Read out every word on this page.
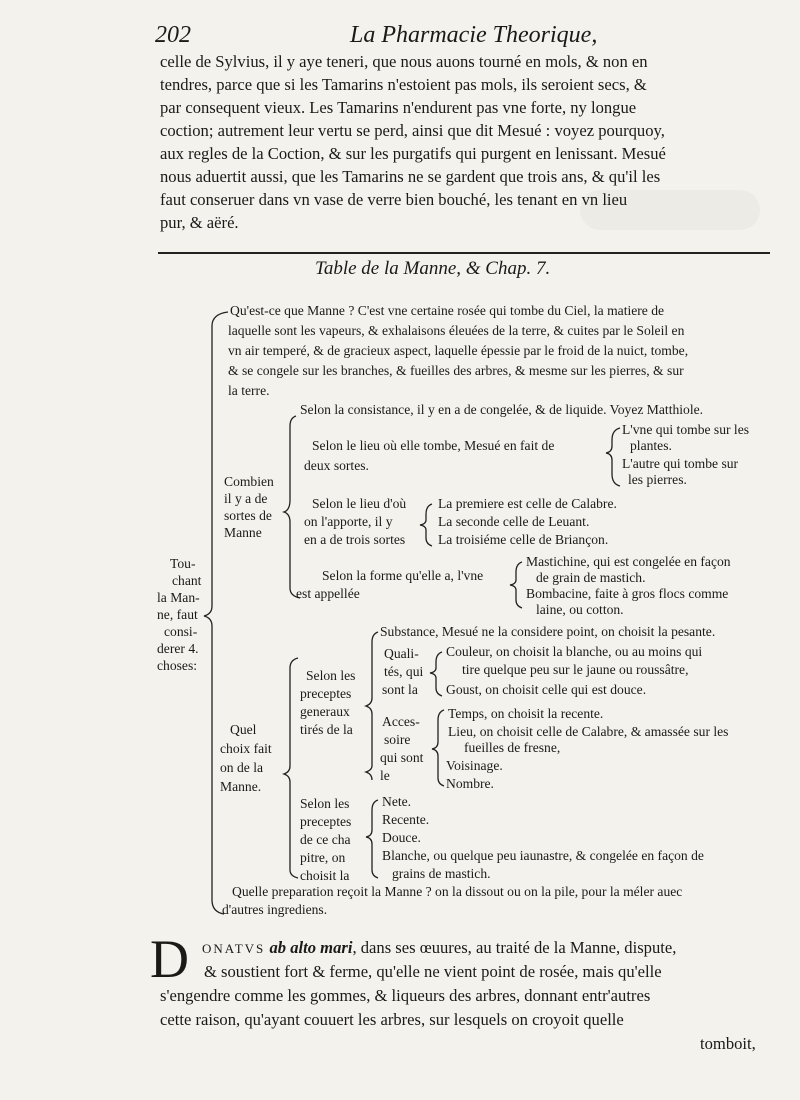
202	La Pharmacie Theorique,
celle de Sylvius, il y aye teneri, que nous auons tourné en mols, & non en
tendres, parce que si les Tamarins n'estoient pas mols, ils seroient secs, &
par consequent vieux. Les Tamarins n'endurent pas vne forte, ny longue
coction; autrement leur vertu se perd, ainsi que dit Mesué : voyez pourquoy,
aux regles de la Coction, & sur les purgatifs qui purgent en lenissant. Mesué
nous aduertit aussi, que les Tamarins ne se gardent que trois ans, & qu'il les
faut conseruer dans vn vase de verre bien bouché, les tenant en vn lieu
pur, & aëré.
Table de la Manne, & Chap. 7.
Tou-
chant
la Man-
ne, faut
consi-
derer 4.
choses:
Qu'est-ce que Manne ? C'est vne certaine rosée qui tombe du Ciel, la matiere de
laquelle sont les vapeurs, & exhalaisons éleuées de la terre, & cuites par le Soleil en
vn air temperé, & de gracieux aspect, laquelle épessie par le froid de la nuict, tombe,
& se congele sur les branches, & fueilles des arbres, & mesme sur les pierres, & sur
la terre.
Combien
il y a de
sortes de
Manne
Selon la consistance, il y en a de congelée, & de liquide. Voyez Matthiole.
Selon le lieu où elle tombe, Mesué en fait de
deux sortes.
L'vne qui tombe sur les
plantes.
L'autre qui tombe sur
les pierres.
Selon le lieu d'où
on l'apporte, il y
en a de trois sortes
La premiere est celle de Calabre.
La seconde celle de Leuant.
La troisiéme celle de Briançon.
Selon la forme qu'elle a, l'vne
est appellée
Mastichine, qui est congelée en façon
de grain de mastich.
Bombacine, faite à gros flocs comme
laine, ou cotton.
Quel
choix fait
on de la
Manne.
Substance, Mesué ne la considere point, on choisit la pesante.
Selon les
preceptes
generaux
tirés de la
Quali-
tés, qui
sont la
Couleur, on choisit la blanche, ou au moins qui
tire quelque peu sur le jaune ou roussâtre,
Goust, on choisit celle qui est douce.
Acces-
soire
qui sont
le
Temps, on choisit la recente.
Lieu, on choisit celle de Calabre, & amassée sur les
fueilles de fresne,
Voisinage.
Nombre.
Selon les
preceptes
de ce cha
pitre, on
choisit la
Nete.
Recente.
Douce.
Blanche, ou quelque peu iaunastre, & congelée en façon de
grains de mastich.
Quelle preparation reçoit la Manne ? on la dissout ou on la pile, pour la méler auec
d'autres ingrediens.
D ONATVS ab alto mari, dans ses œuures, au traité de la Manne, dispute,
& soustient fort & ferme, qu'elle ne vient point de rosée, mais qu'elle
s'engendre comme les gommes, & liqueurs des arbres, donnant entr'autres
cette raison, qu'ayant couuert les arbres, sur lesquels on croyoit quelle
tomboit,
